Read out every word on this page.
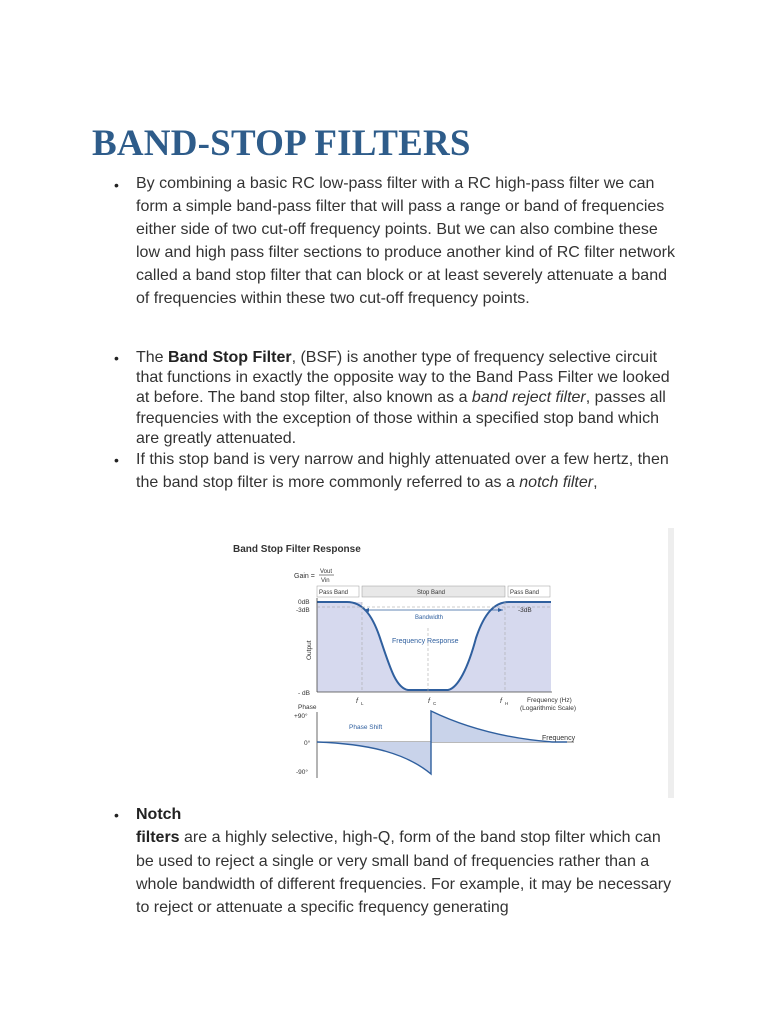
BAND-STOP FILTERS
•	By combining a basic RC low-pass filter with a RC high-pass filter we can form a simple band-pass filter that will pass a range or band of frequencies either side of two cut-off frequency points. But we can also combine these low and high pass filter sections to produce another kind of RC filter network called a band stop filter that can block or at least severely attenuate a band of frequencies within these two cut-off frequency points.
•	The Band Stop Filter, (BSF) is another type of frequency selective circuit that functions in exactly the opposite way to the Band Pass Filter we looked at before. The band stop filter, also known as a band reject filter, passes all frequencies with the exception of those within a specified stop band which are greatly attenuated.
•	If this stop band is very narrow and highly attenuated over a few hertz, then the band stop filter is more commonly referred to as a notch filter,
Band Stop Filter Response
Gain =
Vout
Vin
Pass Band	Stop Band	Pass Band
Bandwidth
Frequency Response
0dB
-3dB	-3dB
- dB
Output
f L	f C	f H	Frequency (Hz)
(Logarithmic Scale)
Phase
+90°
0°
-90°
Phase Shift
Frequency
•	Notch
filters are a highly selective, high-Q, form of the band stop filter which can be used to reject a single or very small band of frequencies rather than a whole bandwidth of different frequencies. For example, it may be necessary to reject or attenuate a specific frequency generating
